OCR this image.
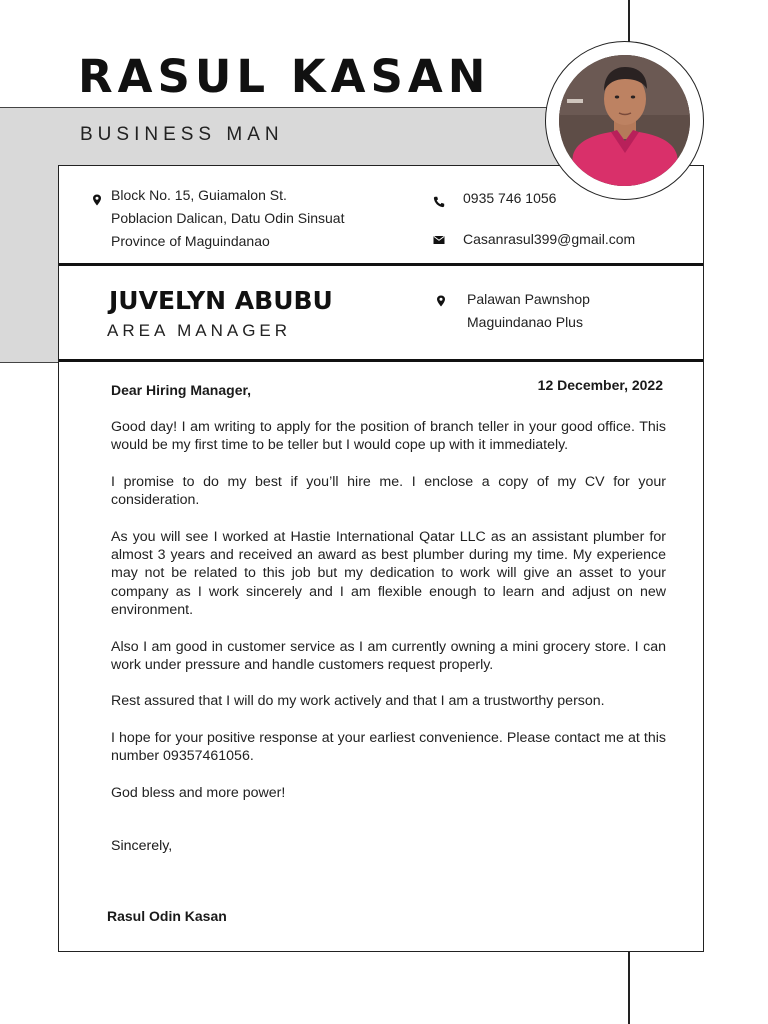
RASUL KASAN
BUSINESS MAN
Block No. 15, Guiamalon St.
Poblacion Dalican, Datu Odin Sinsuat
Province of Maguindanao
0935 746 1056
Casanrasul399@gmail.com
JUVELYN ABUBU
AREA MANAGER
Palawan Pawnshop
Maguindanao Plus
Dear Hiring Manager,	12 December, 2022

Good day! I am writing to apply for the position of branch teller in your good office. This would be my first time to be teller but I would cope up with it immediately.

I promise to do my best if you’ll hire me. I enclose a copy of my CV for your consideration.

As you will see I worked at Hastie International Qatar LLC as an assistant plumber for almost 3 years and received an award as best plumber during my time. My experience may not be related to this job but my dedication to work will give an asset to your company as I work sincerely and I am flexible enough to learn and adjust on new environment.

Also I am good in customer service as I am currently owning a mini grocery store. I can work under pressure and handle customers request properly.

Rest assured that I will do my work actively and that I am a trustworthy person.

I hope for your positive response at your earliest convenience. Please contact me at this number 09357461056.

God bless and more power!

Sincerely,
Rasul Odin Kasan
